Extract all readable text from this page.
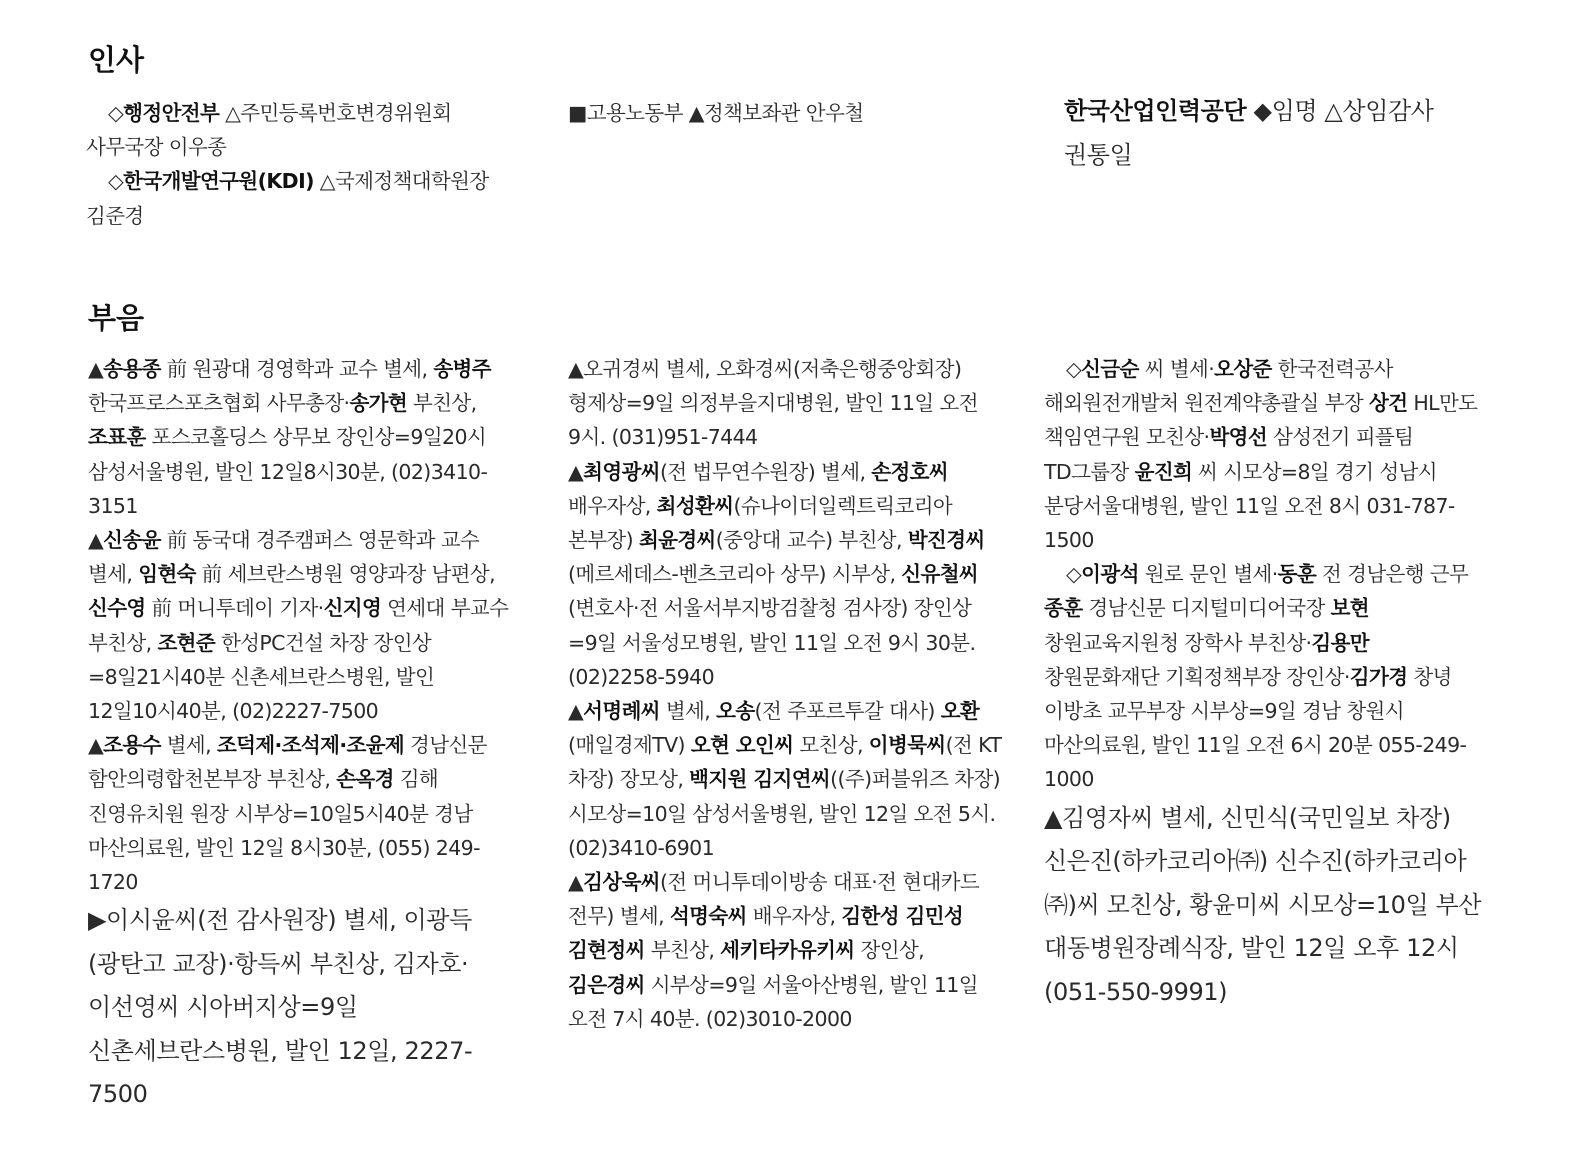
인사

◇행정안전부 △주민등록번호변경위원회 사무국장 이우종

◇한국개발연구원(KDI) △국제정책대학원장 김준경

■고용노동부 ▲정책보좌관 안우철	한국산업인력공단 ◆임명 △상임감사 권통일

부음

▲송용종 前 원광대 경영학과 교수 별세, 송병주 한국프로스포츠협회 사무총장·송가현 부친상, 조표훈 포스코홀딩스 상무보 장인상=9일20시 삼성서울병원, 발인 12일8시30분, (02)3410-3151

▲신송윤 前 동국대 경주캠퍼스 영문학과 교수 별세, 임현숙 前 세브란스병원 영양과장 남편상, 신수영 前 머니투데이 기자·신지영 연세대 부교수 부친상, 조현준 한성PC건설 차장 장인상=8일21시40분 신촌세브란스병원, 발인 12일10시40분, (02)2227-7500

▲조용수 별세, 조덕제·조석제·조윤제 경남신문 함안의령합천본부장 부친상, 손옥경 김해 진영유치원 원장 시부상=10일5시40분 경남 마산의료원, 발인 12일 8시30분, (055) 249-1720

▶이시윤씨(전 감사원장) 별세, 이광득(광탄고 교장)·항득씨 부친상, 김자호·이선영씨 시아버지상=9일 신촌세브란스병원, 발인 12일, 2227-7500

▲오귀경씨 별세, 오화경씨(저축은행중앙회장) 형제상=9일 의정부을지대병원, 발인 11일 오전 9시. (031)951-7444

▲최영광씨(전 법무연수원장) 별세, 손정호씨 배우자상, 최성환씨(슈나이더일렉트릭코리아 본부장) 최윤경씨(중앙대 교수) 부친상, 박진경씨(메르세데스-벤츠코리아 상무) 시부상, 신유철씨(변호사·전 서울서부지방검찰청 검사장) 장인상=9일 서울성모병원, 발인 11일 오전 9시 30분. (02)2258-5940

▲서명례씨 별세, 오송(전 주포르투갈 대사) 오환(매일경제TV) 오현 오인씨 모친상, 이병묵씨(전 KT 차장) 장모상, 백지원 김지연씨((주)퍼블위즈 차장) 시모상=10일 삼성서울병원, 발인 12일 오전 5시. (02)3410-6901

▲김상욱씨(전 머니투데이방송 대표·전 현대카드 전무) 별세, 석명숙씨 배우자상, 김한성 김민성 김현정씨 부친상, 세키타카유키씨 장인상, 김은경씨 시부상=9일 서울아산병원, 발인 11일 오전 7시 40분. (02)3010-2000

◇신금순 씨 별세·오상준 한국전력공사 해외원전개발처 원전계약총괄실 부장 상건 HL만도 책임연구원 모친상·박영선 삼성전기 피플팀 TD그룹장 윤진희 씨 시모상=8일 경기 성남시 분당서울대병원, 발인 11일 오전 8시 031-787-1500

◇이광석 원로 문인 별세·동훈 전 경남은행 근무 종훈 경남신문 디지털미디어국장 보현 창원교육지원청 장학사 부친상·김용만 창원문화재단 기획정책부장 장인상·김가경 창녕 이방초 교무부장 시부상=9일 경남 창원시 마산의료원, 발인 11일 오전 6시 20분 055-249-1000

▲김영자씨 별세, 신민식(국민일보 차장) 신은진(하카코리아㈜) 신수진(하카코리아㈜)씨 모친상, 황윤미씨 시모상=10일 부산 대동병원장례식장, 발인 12일 오후 12시(051-550-9991)
